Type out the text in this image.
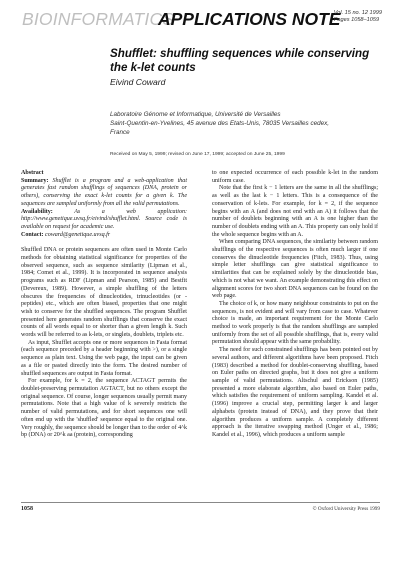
BIOINFORMATICS
APPLICATIONS NOTE
Vol. 15 no. 12 1999
Pages 1058–1059
Shufflet: shuffling sequences while conserving
the k-let counts
Eivind Coward
Laboratoire Génome et Informatique, Université de Versailles
Saint-Quentin-en-Yvelines, 45 avenue des Etats-Unis, 78035 Versailles cedex,
France
Received on May 5, 1999; revised on June 17, 1999; accepted on June 25, 1999

Abstract

Summary: Shufflet is a program and a web-application that generates fast random shufflings of sequences (DNA, protein or others), conserving the exact k-let counts for a given k. The sequences are sampled uniformly from all the valid permutations.

Availability:	As a web application: http://www.genetique.uvsq.fr/eivind/shufflet.html. Source code is available on request for academic use.

Contact: coward@genetique.uvsq.fr

Shuffled DNA or protein sequences are often used in Monte Carlo methods for obtaining statistical significance for properties of the observed sequence, such as sequence similarity (Lipman et al., 1984; Comet et al., 1999). It is incorporated in sequence analysis programs such as RDF (Lipman and Pearson, 1985) and Bestfit (Devereux, 1989). However, a simple shuffling of the letters obscures the frequencies of dinucleotides, trinucleotides (or -peptides) etc., which are often biased, properties that one might wish to conserve for the shuffled sequences. The program Shufflet presented here generates random shufflings that conserve the exact counts of all words equal to or shorter than a given length k. Such words will be referred to as k-lets, or singlets, doublets, triplets etc.

As input, Shufflet accepts one or more sequences in Fasta format (each sequence preceded by a header beginning with >), or a single sequence as plain text. Using the web page, the input can be given as a file or pasted directly into the form. The desired number of shuffled sequences are output in Fasta format.

For example, for k = 2, the sequence ACTAGT permits the doublet-preserving permutation AGTACT, but no others except the original sequence. Of course, longer sequences usually permit many permutations. Note that a high value of k severely restricts the number of valid permutations, and for short sequences one will often end up with the 'shuffled' sequence equal to the original one. Very roughly, the sequence should be longer than to the order of 4^k bp (DNA) or 20^k aa (protein), corresponding

to one expected occurrence of each possible k-let in the random uniform case.

Note that the first k − 1 letters are the same in all the shufflings; as well as the last k − 1 letters. This is a consequence of the conservation of k-lets. For example, for k = 2, if the sequence begins with an A (and does not end with an A) it follows that the number of doublets beginning with an A is one higher than the number of doublets ending with an A. This property can only hold if the whole sequence begins with an A.

When comparing DNA sequences, the similarity between random shufflings of the respective sequences is often much larger if one conserves the dinucleotide frequencies (Fitch, 1983). Thus, using simple letter shufflings can give statistical significance to similarities that can be explained solely by the dinucleotide bias, which is not what we want. An example demonstrating this effect on alignment scores for two short DNA sequences can be found on the web page.

The choice of k, or how many neighbour constraints to put on the sequences, is not evident and will vary from case to case. Whatever choice is made, an important requirement for the Monte Carlo method to work properly is that the random shufflings are sampled uniformly from the set of all possible shufflings, that is, every valid permutation should appear with the same probability.

The need for such constrained shufflings has been pointed out by several authors, and different algorithms have been proposed. Fitch (1983) described a method for doublet-conserving shuffling, based on Euler paths on directed graphs, but it does not give a uniform sample of valid permutations. Altschul and Erickson (1985) presented a more elaborate algorithm, also based on Euler paths, which satisfies the requirement of uniform sampling. Kandel et al. (1996) improve a crucial step, permitting larger k and larger alphabets (protein instead of DNA), and they prove that their algorithm produces a uniform sample. A completely different approach is the iterative swapping method (Unger et al., 1986; Kandel et al., 1996), which produces a uniform sample

1058	© Oxford University Press 1999
